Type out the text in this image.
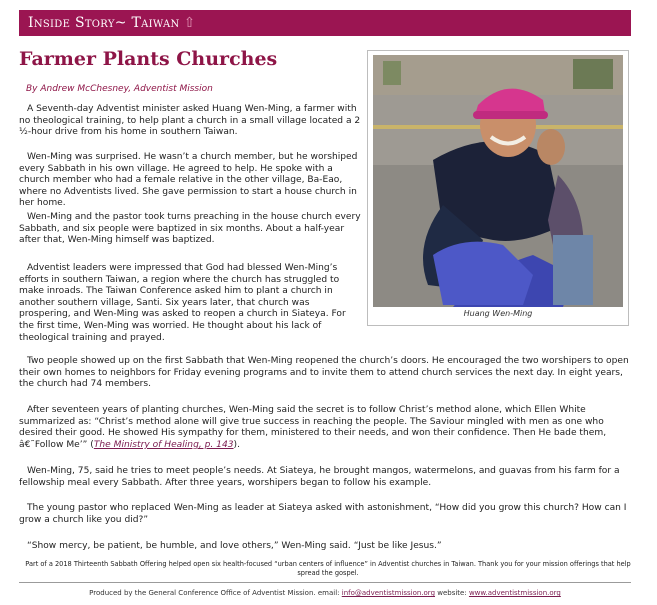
Inside Story~ Taiwan ⇧
Farmer Plants Churches

By Andrew McChesney, Adventist Mission

Huang Wen-Ming

A Seventh-day Adventist minister asked Huang Wen-Ming, a farmer with no theological training, to help plant a church in a small village located a 2 ½-hour drive from his home in southern Taiwan.

Wen-Ming was surprised. He wasn’t a church member, but he worshiped every Sabbath in his own village. He agreed to help. He spoke with a church member who had a female relative in the other village, Ba-Eao, where no Adventists lived. She gave permission to start a house church in her home.

Wen-Ming and the pastor took turns preaching in the house church every Sabbath, and six people were baptized in six months. About a half-year after that, Wen-Ming himself was baptized.

Adventist leaders were impressed that God had blessed Wen-Ming’s efforts in southern Taiwan, a region where the church has struggled to make inroads. The Taiwan Conference asked him to plant a church in another southern village, Santi. Six years later, that church was prospering, and Wen-Ming was asked to reopen a church in Siateya. For the first time, Wen-Ming was worried. He thought about his lack of theological training and prayed.

Two people showed up on the first Sabbath that Wen-Ming reopened the church’s doors. He encouraged the two worshipers to open their own homes to neighbors for Friday evening programs and to invite them to attend church services the next day. In eight years, the church had 74 members.

After seventeen years of planting churches, Wen-Ming said the secret is to follow Christ’s method alone, which Ellen White summarized as: “Christ’s method alone will give true success in reaching the people. The Saviour mingled with men as one who desired their good. He showed His sympathy for them, ministered to their needs, and won their confidence. Then He bade them, â€˜Follow Me’” (The Ministry of Healing, p. 143).

Wen-Ming, 75, said he tries to meet people’s needs. At Siateya, he brought mangos, watermelons, and guavas from his farm for a fellowship meal every Sabbath. After three years, worshipers began to follow his example.

The young pastor who replaced Wen-Ming as leader at Siateya asked with astonishment, “How did you grow this church? How can I grow a church like you did?”

“Show mercy, be patient, be humble, and love others,” Wen-Ming said. “Just be like Jesus.”

Part of a 2018 Thirteenth Sabbath Offering helped open six health-focused “urban centers of influence” in Adventist churches in Taiwan. Thank you for your mission offerings that help spread the gospel.

Produced by the General Conference Office of Adventist Mission. email: info@adventistmission.org website: www.adventistmission.org
